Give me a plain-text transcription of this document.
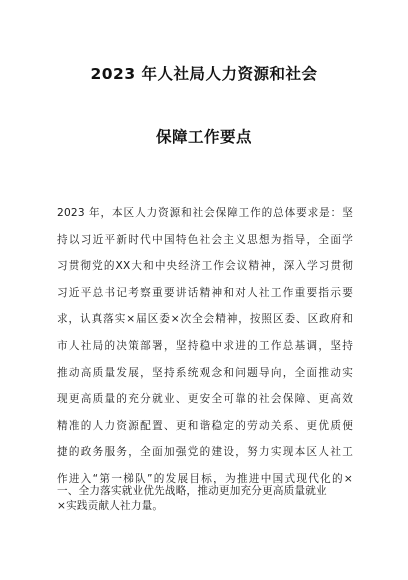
2023 年人社局人力资源和社会
保障工作要点
2023 年，本区人力资源和社会保障工作的总体要求是：坚
持以习近平新时代中国特色社会主义思想为指导，全面学
习贯彻党的XX大和中央经济工作会议精神，深入学习贯彻
习近平总书记考察重要讲话精神和对人社工作重要指示要
求，认真落实×届区委×次全会精神，按照区委、区政府和
市人社局的决策部署，坚持稳中求进的工作总基调，坚持
推动高质量发展，坚持系统观念和问题导向，全面推动实
现更高质量的充分就业、更安全可靠的社会保障、更高效
精准的人力资源配置、更和谐稳定的劳动关系、更优质便
捷的政务服务，全面加强党的建设，努力实现本区人社工
作进入“第一梯队”的发展目标，为推进中国式现代化的×
×实践贡献人社力量。
一、全力落实就业优先战略，推动更加充分更高质量就业
